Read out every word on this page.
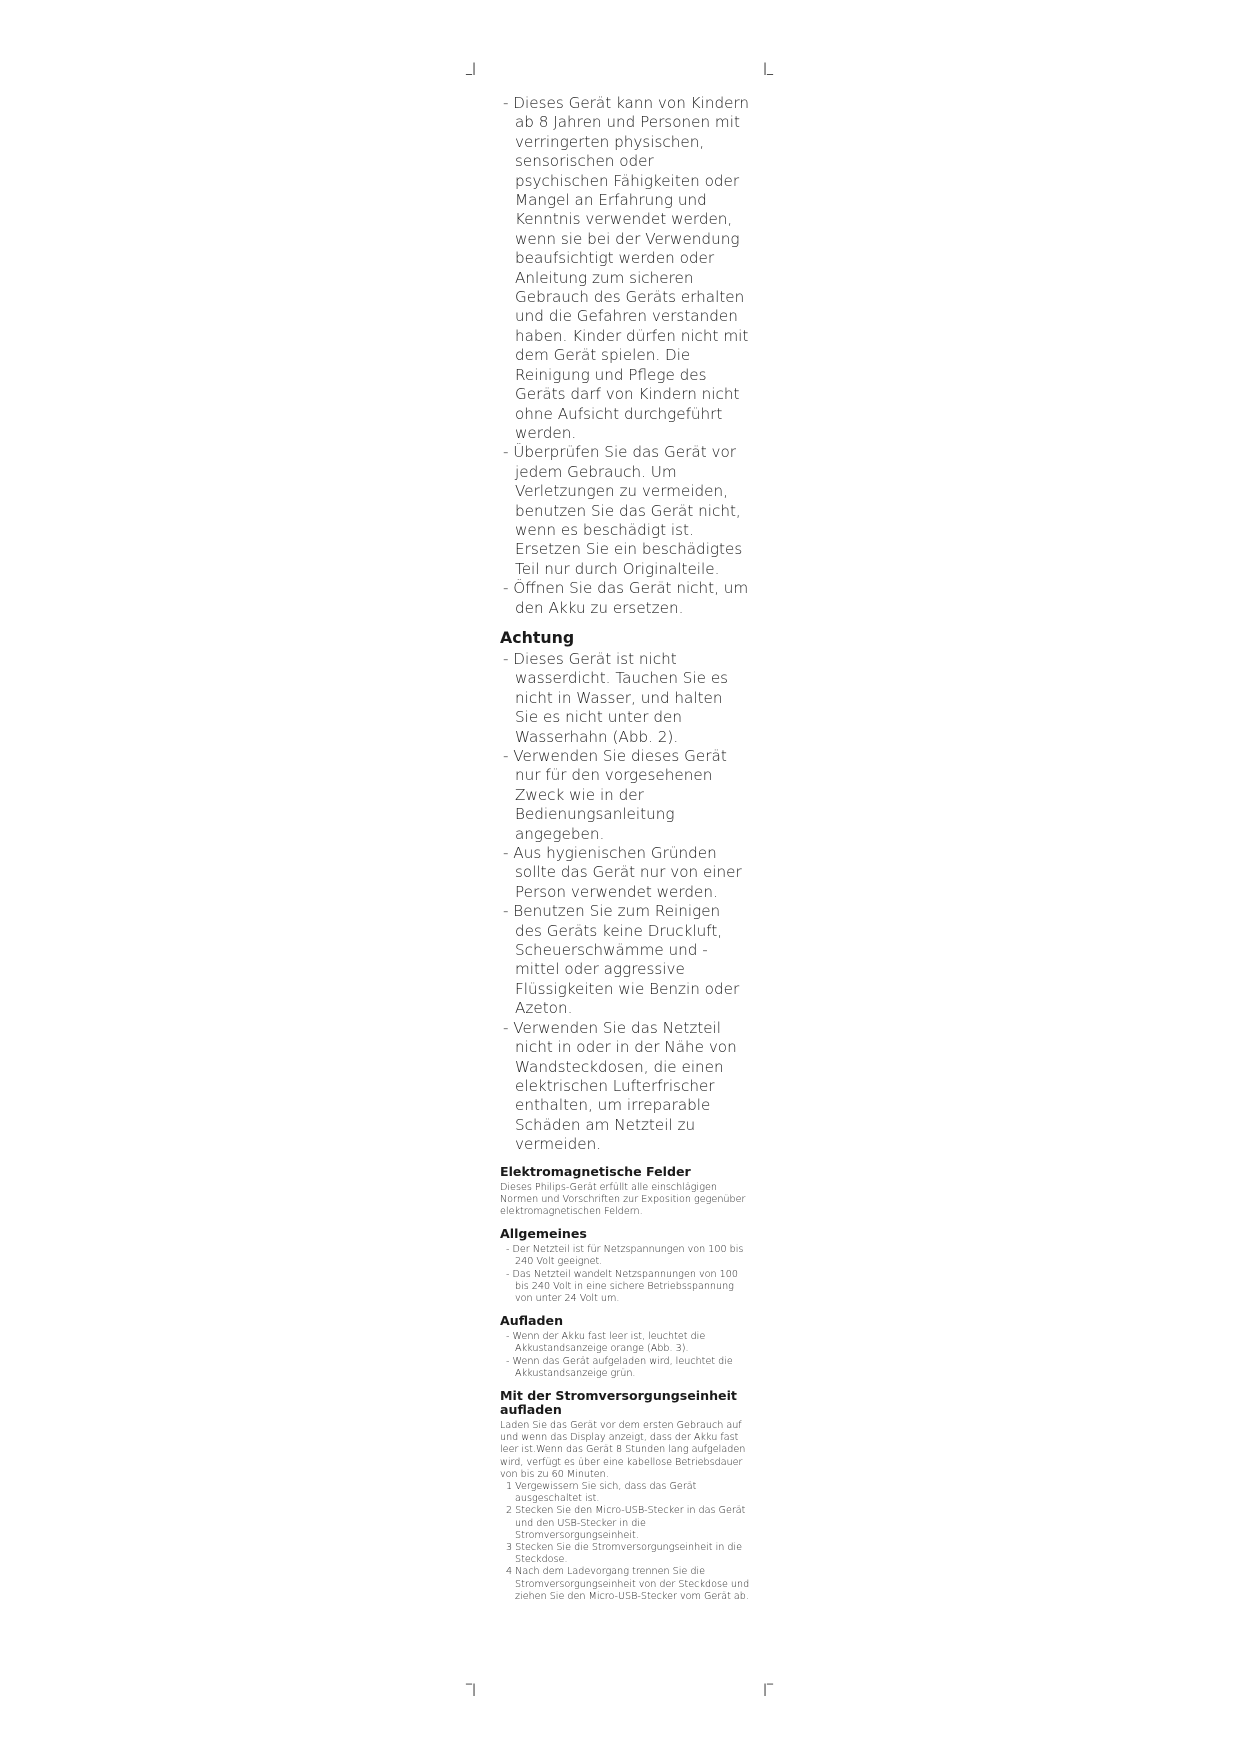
_|	|_
‾|	|‾
- Dieses Gerät kann von Kindern ab 8 Jahren und Personen mit verringerten physischen, sensorischen oder psychischen Fähigkeiten oder Mangel an Erfahrung und Kenntnis verwendet werden, wenn sie bei der Verwendung beaufsichtigt werden oder Anleitung zum sicheren Gebrauch des Geräts erhalten und die Gefahren verstanden haben. Kinder dürfen nicht mit dem Gerät spielen. Die Reinigung und Pflege des Geräts darf von Kindern nicht ohne Aufsicht durchgeführt werden.
- Überprüfen Sie das Gerät vor jedem Gebrauch. Um Verletzungen zu vermeiden, benutzen Sie das Gerät nicht, wenn es beschädigt ist. Ersetzen Sie ein beschädigtes Teil nur durch Originalteile.
- Öffnen Sie das Gerät nicht, um den Akku zu ersetzen.
Achtung
- Dieses Gerät ist nicht wasserdicht. Tauchen Sie es nicht in Wasser, und halten Sie es nicht unter den Wasserhahn (Abb. 2).
- Verwenden Sie dieses Gerät nur für den vorgesehenen Zweck wie in der Bedienungsanleitung angegeben.
- Aus hygienischen Gründen sollte das Gerät nur von einer Person verwendet werden.
- Benutzen Sie zum Reinigen des Geräts keine Druckluft, Scheuerschwämme und -mittel oder aggressive Flüssigkeiten wie Benzin oder Azeton.
- Verwenden Sie das Netzteil nicht in oder in der Nähe von Wandsteckdosen, die einen elektrischen Lufterfrischer enthalten, um irreparable Schäden am Netzteil zu vermeiden.
Elektromagnetische Felder

Dieses Philips-Gerät erfüllt alle einschlägigen Normen und Vorschriften zur Exposition gegenüber elektromagnetischen Feldern.

Allgemeines
- Der Netzteil ist für Netzspannungen von 100 bis 240 Volt geeignet.
- Das Netzteil wandelt Netzspannungen von 100 bis 240 Volt in eine sichere Betriebsspannung von unter 24 Volt um.
Aufladen
- Wenn der Akku fast leer ist, leuchtet die Akkustandsanzeige orange (Abb. 3).
- Wenn das Gerät aufgeladen wird, leuchtet die Akkustandsanzeige grün.
Mit der Stromversorgungseinheit aufladen

Laden Sie das Gerät vor dem ersten Gebrauch auf und wenn das Display anzeigt, dass der Akku fast leer ist.Wenn das Gerät 8 Stunden lang aufgeladen wird, verfügt es über eine kabellose Betriebsdauer von bis zu 60 Minuten.

1 Vergewissern Sie sich, dass das Gerät ausgeschaltet ist.
2 Stecken Sie den Micro-USB-Stecker in das Gerät und den USB-Stecker in die Stromversorgungseinheit.
3 Stecken Sie die Stromversorgungseinheit in die Steckdose.
4 Nach dem Ladevorgang trennen Sie die Stromversorgungseinheit von der Steckdose und ziehen Sie den Micro-USB-Stecker vom Gerät ab.
